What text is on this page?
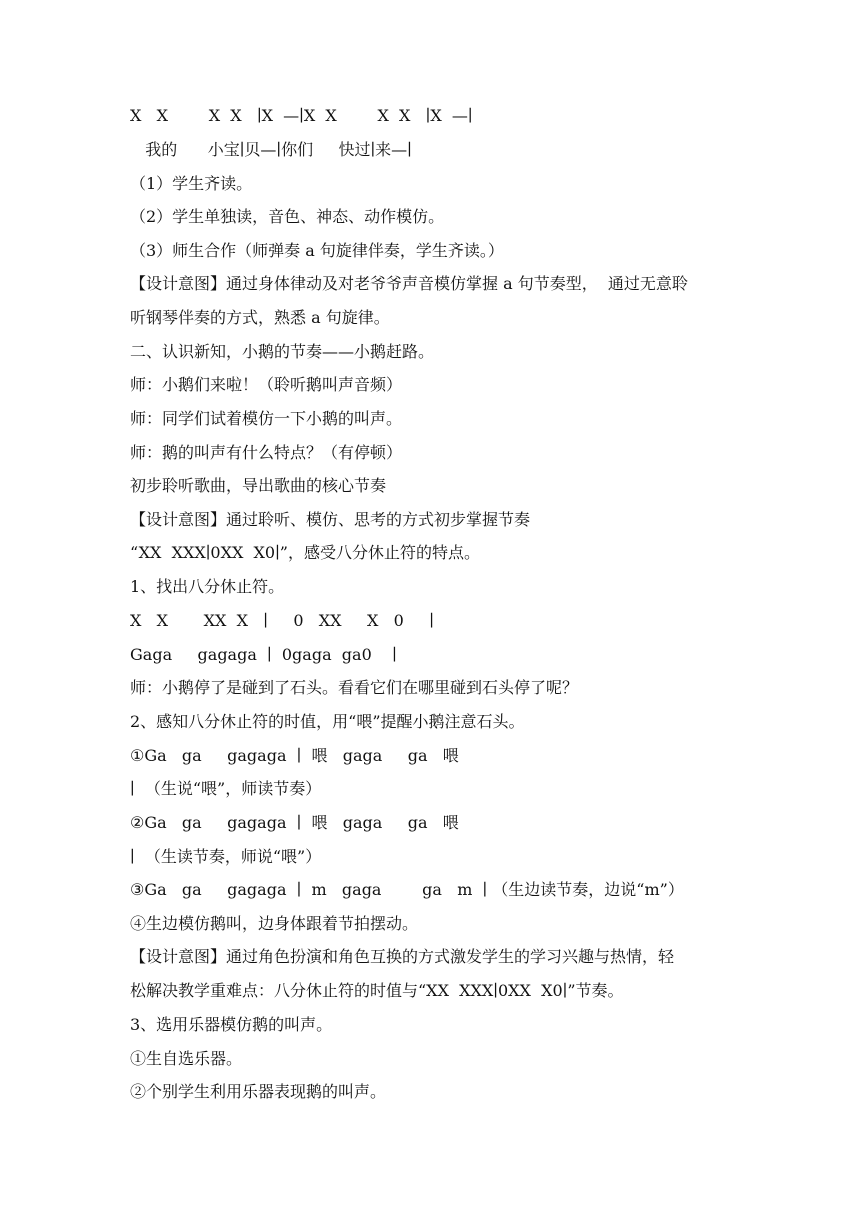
X   X        X  X   ∣X  —∣X  X        X  X   ∣X  —∣
我的      小宝∣贝—∣你们     快过∣来—∣
（1）学生齐读。
（2）学生单独读，音色、神态、动作模仿。
（3）师生合作（师弹奏 a 句旋律伴奏，学生齐读。）
【设计意图】通过身体律动及对老爷爷声音模仿掌握 a 句节奏型，  通过无意聆
听钢琴伴奏的方式，熟悉 a 句旋律。
二、认识新知，小鹅的节奏——小鹅赶路。
师：小鹅们来啦！（聆听鹅叫声音频）
师：同学们试着模仿一下小鹅的叫声。
师：鹅的叫声有什么特点？（有停顿）
初步聆听歌曲，导出歌曲的核心节奏
【设计意图】通过聆听、模仿、思考的方式初步掌握节奏
“XX  XXX∣0XX  X0∣”，感受八分休止符的特点。
1、找出八分休止符。
X   X       XX  X   ∣     0   XX     X   0     ∣
Gaga     gagaga  ∣  0gaga  ga0    ∣
师：小鹅停了是碰到了石头。看看它们在哪里碰到石头停了呢？
2、感知八分休止符的时值，用“喂”提醒小鹅注意石头。
①Ga   ga     gagaga  ∣  喂   gaga     ga   喂
∣  （生说“喂”，师读节奏）
②Ga   ga     gagaga  ∣  喂   gaga     ga   喂
∣  （生读节奏，师说“喂”）
③Ga   ga     gagaga  ∣  m   gaga        ga   m  ∣ （生边读节奏，边说“m”）
④生边模仿鹅叫，边身体跟着节拍摆动。
【设计意图】通过角色扮演和角色互换的方式激发学生的学习兴趣与热情，轻
松解决教学重难点：八分休止符的时值与“XX  XXX∣0XX  X0∣”节奏。
3、选用乐器模仿鹅的叫声。
①生自选乐器。
②个别学生利用乐器表现鹅的叫声。
